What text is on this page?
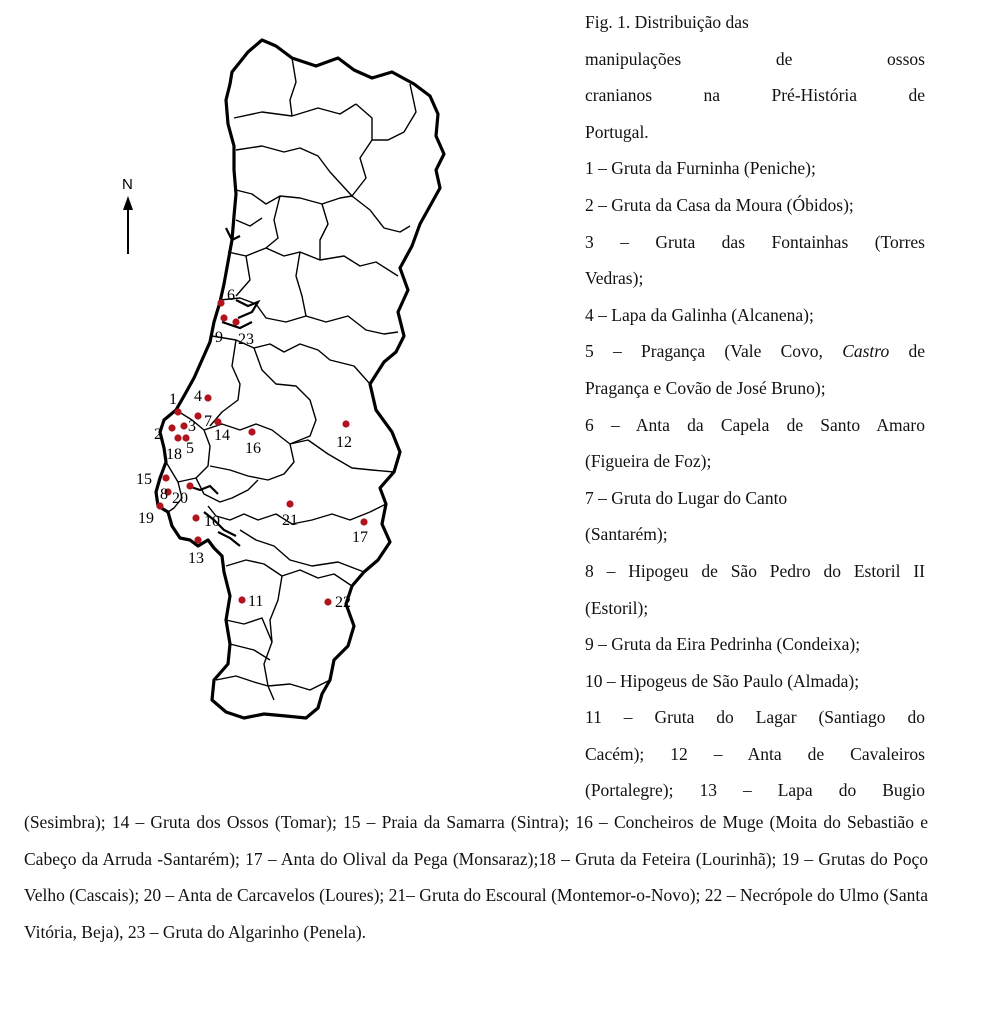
N
1
2 3
4
5
6
7
8
9
10
11
12
13
14
15
16
17
18
19
20
21
22
23

Fig. 1. Distribuição das

manipulações de ossos

cranianos na Pré-História de

Portugal.

1 – Gruta da Furninha (Peniche);

2 – Gruta da Casa da Moura (Óbidos);

3 – Gruta das Fontainhas (Torres

Vedras);

4 – Lapa da Galinha (Alcanena);

5 – Pragança (Vale Covo, Castro de

Pragança e Covão de José Bruno);

6 – Anta da Capela de Santo Amaro

(Figueira de Foz);

7 – Gruta do Lugar do Canto

(Santarém);

8 – Hipogeu de São Pedro do Estoril II

(Estoril);

9 – Gruta da Eira Pedrinha (Condeixa);

10 – Hipogeus de São Paulo (Almada);

11 – Gruta do Lagar (Santiago do

Cacém); 12 – Anta de Cavaleiros

(Portalegre); 13 – Lapa do Bugio

(Sesimbra); 14 – Gruta dos Ossos (Tomar); 15 – Praia da Samarra (Sintra); 16 – Concheiros de Muge (Moita do Sebastião e Cabeço da Arruda -Santarém); 17 – Anta do Olival da Pega (Monsaraz);18 – Gruta da Feteira (Lourinhã); 19 – Grutas do Poço Velho (Cascais); 20 – Anta de Carcavelos (Loures); 21– Gruta do Escoural (Montemor-o-Novo); 22 – Necrópole do Ulmo (Santa Vitória, Beja), 23 – Gruta do Algarinho (Penela).
